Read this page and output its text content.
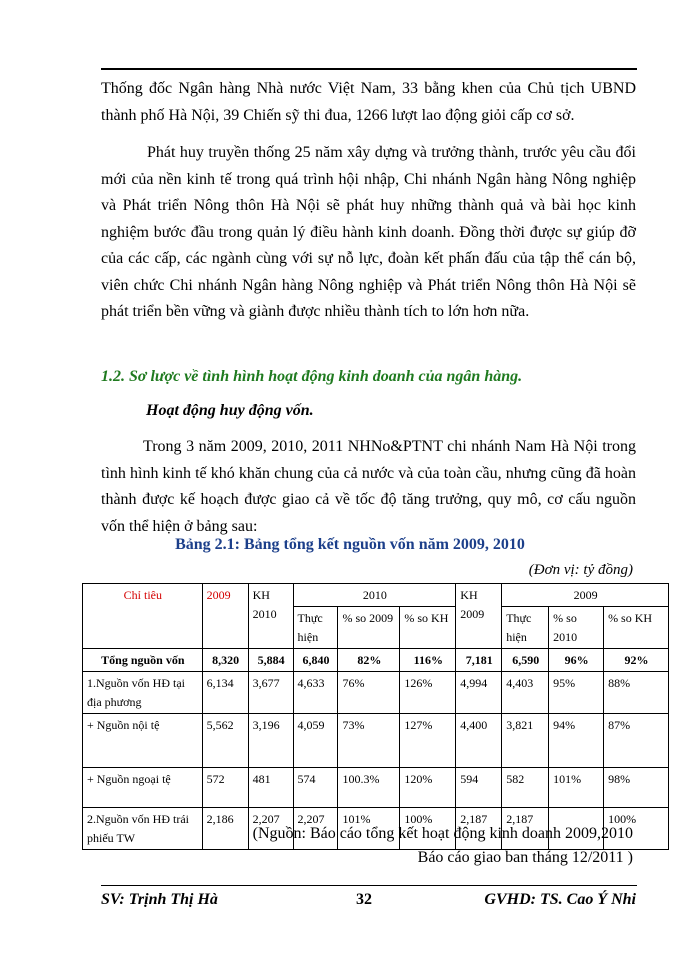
Thống đốc Ngân hàng Nhà nước Việt Nam, 33 bằng khen của Chủ tịch UBND thành phố Hà Nội, 39 Chiến sỹ thi đua, 1266 lượt lao động giỏi cấp cơ sở.

Phát huy truyền thống 25 năm xây dựng và trưởng thành, trước yêu cầu đổi mới của nền kinh tế trong quá trình hội nhập, Chi nhánh Ngân hàng Nông nghiệp và Phát triển Nông thôn Hà Nội sẽ phát huy những thành quả và bài học kinh nghiệm bước đầu trong quản lý điều hành kinh doanh. Đồng thời được sự giúp đỡ của các cấp, các ngành cùng với sự nỗ lực, đoàn kết phấn đấu của tập thể cán bộ, viên chức Chi nhánh Ngân hàng Nông nghiệp và Phát triển Nông thôn Hà Nội sẽ phát triển bền vững và giành được nhiều thành tích to lớn hơn nữa.

1.2. Sơ lược về tình hình hoạt động kinh doanh của ngân hàng.
Hoạt động huy động vốn.

Trong 3 năm 2009, 2010, 2011 NHNo&PTNT chi nhánh Nam Hà Nội trong tình hình kinh tế khó khăn chung của cả nước và của toàn cầu, nhưng cũng đã hoàn thành được kế hoạch được giao cả về tốc độ tăng trưởng, quy mô, cơ cấu nguồn vốn thể hiện ở bảng sau:

Bảng 2.1: Bảng tổng kết nguồn vốn năm 2009, 2010
(Đơn vị: tỷ đồng)
Chỉ tiêu	2009	KH 2010	2010			KH 2009	2009		
			Thực hiện	% so 2009	% so KH		Thực hiện	% so 2010	% so KH
Tổng nguồn vốn	8,320	5,884	6,840	82%	116%	7,181	6,590	96%	92%
1.Nguồn vốn HĐ tại địa phương	6,134	3,677	4,633	76%	126%	4,994	4,403	95%	88%
+ Nguồn nội tệ	5,562	3,196	4,059	73%	127%	4,400	3,821	94%	87%
+ Nguồn ngoại tệ	572	481	574	100.3%	120%	594	582	101%	98%
2.Nguồn vốn HĐ trái phiếu TW	2,186	2,207	2,207	101%	100%	2,187	2,187		100%
(Nguồn: Báo cáo tổng kết hoạt động kinh doanh 2009,2010
Báo cáo giao ban tháng 12/2011 )
SV: Trịnh Thị Hà	32	GVHD: TS. Cao Ý Nhi
